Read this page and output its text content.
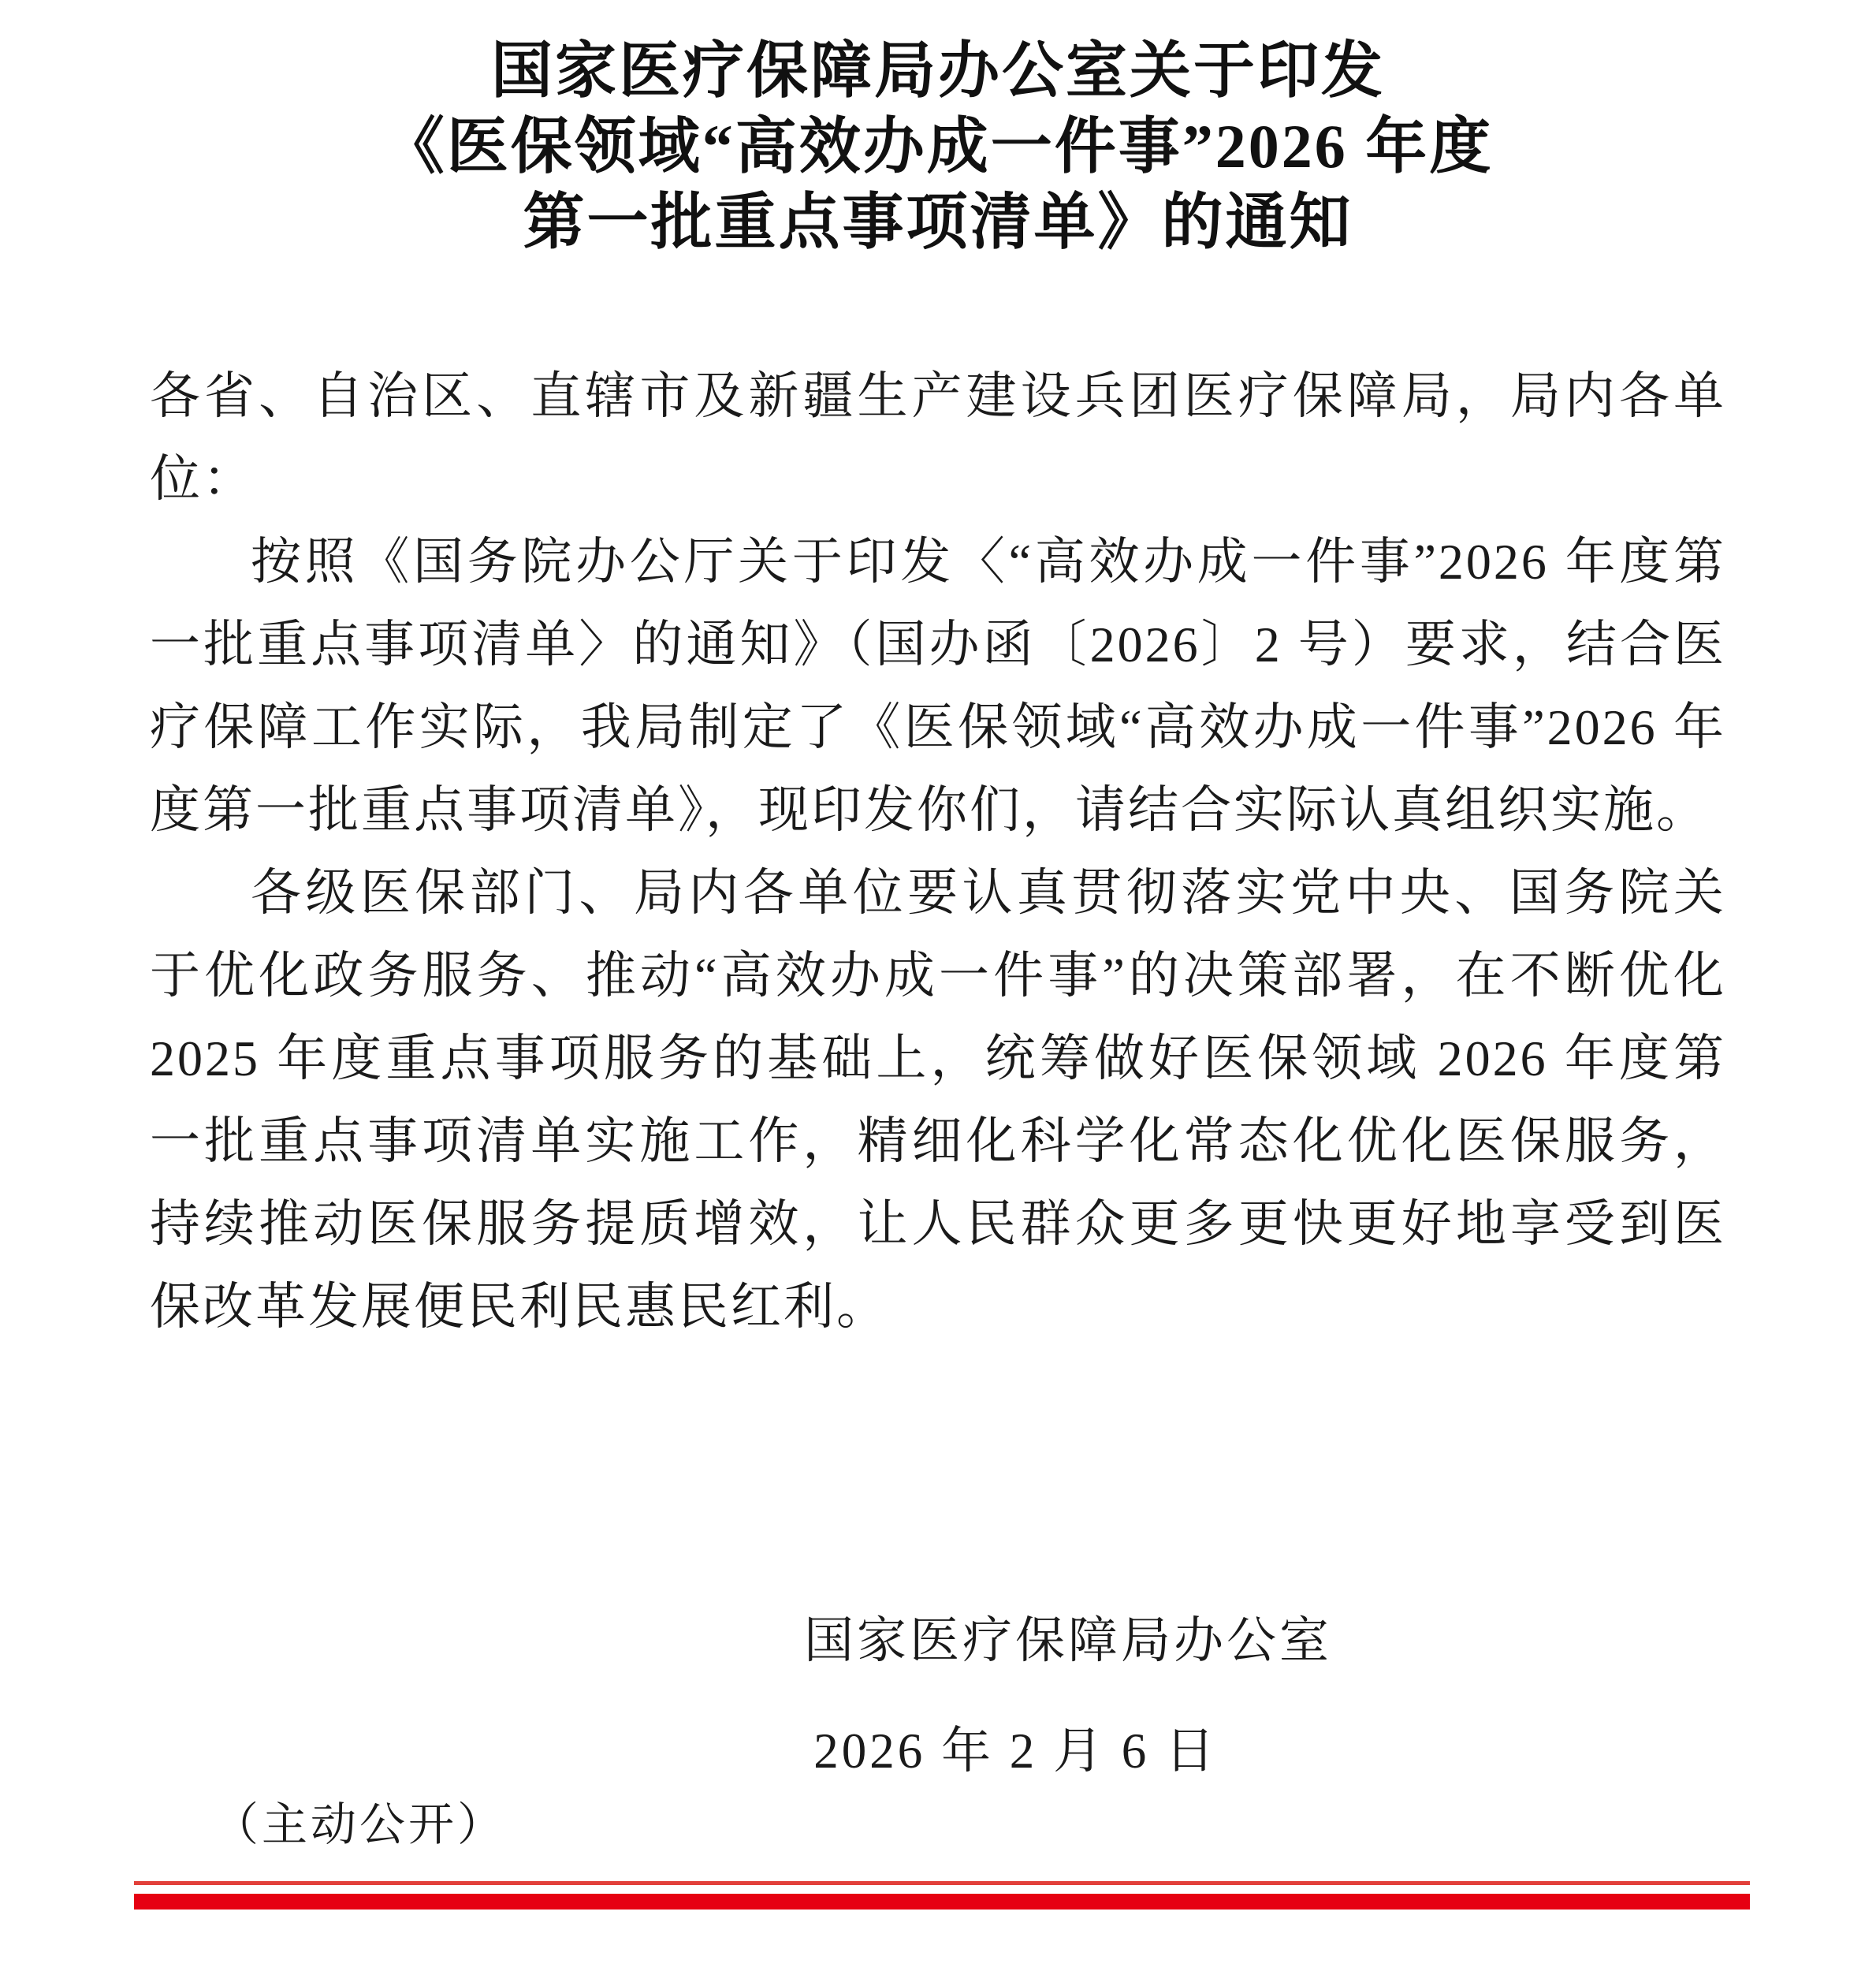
国家医疗保障局办公室关于印发
《医保领域“高效办成一件事”2026 年度
第一批重点事项清单》的通知

各省、自治区、直辖市及新疆生产建设兵团医疗保障局，局内各单位：

按照《国务院办公厅关于印发〈“高效办成一件事”2026 年度第一批重点事项清单〉的通知》（国办函〔2026〕2 号）要求，结合医疗保障工作实际，我局制定了《医保领域“高效办成一件事”2026 年度第一批重点事项清单》，现印发你们，请结合实际认真组织实施。

各级医保部门、局内各单位要认真贯彻落实党中央、国务院关于优化政务服务、推动“高效办成一件事”的决策部署，在不断优化 2025 年度重点事项服务的基础上，统筹做好医保领域 2026 年度第一批重点事项清单实施工作，精细化科学化常态化优化医保服务，持续推动医保服务提质增效，让人民群众更多更快更好地享受到医保改革发展便民利民惠民红利。

国家医疗保障局办公室
2026 年 2 月 6 日
（主动公开）
